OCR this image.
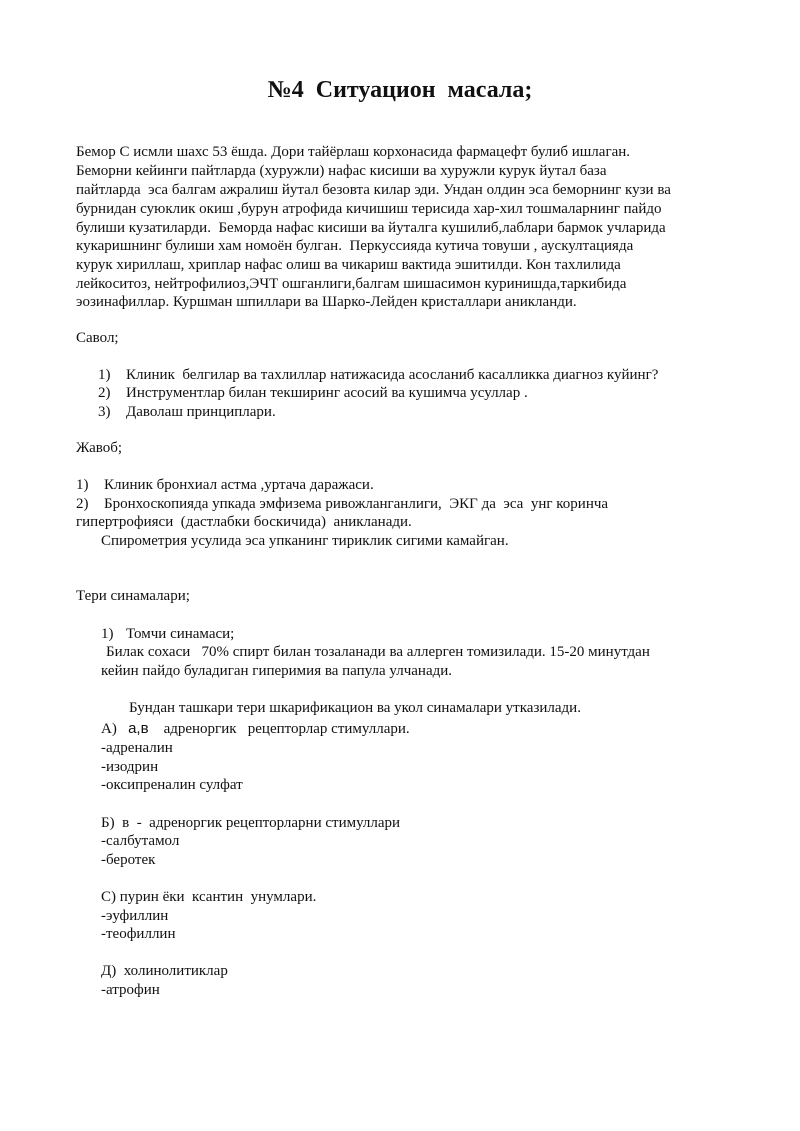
№4  Ситуацион  масала;
Бемор С исмли шахс 53 ёшда. Дори тайёрлаш корхонасида фармацефт булиб ишлаган.
Беморни кейинги пайтларда (хуружли) нафас кисиши ва хуружли курук йутал база
пайтларда  эса балгам ажралиш йутал безовта килар эди. Ундан олдин эса беморнинг кузи ва
бурнидан суюклик окиш ,бурун атрофида кичишиш терисида хар-хил тошмаларнинг пайдо
булиши кузатиларди.  Беморда нафас кисиши ва йуталга кушилиб,лаблари бармок учларида
кукаришнинг булиши хам номоён булган.  Перкуссияда кутича товуши , аускултацияда
курук хириллаш, хриплар нафас олиш ва чикариш вактида эшитилди. Кон тахлилида
лейкоситоз, нейтрофилиоз,ЭЧТ ошганлиги,балгам шишасимон куринишда,таркибида
эозинафиллар. Куршман шпиллари ва Шарко-Лейден кристаллари аникланди.
Савол;
1) Клиник  белгилар ва тахлиллар натижасида асосланиб касалликка диагноз куйинг?
2) Инструментлар билан текширинг асосий ва кушимча усуллар .
3) Даволаш принциплари.
Жавоб;
1) Клиник бронхиал астма ,уртача даражаси.
2) Бронхоскопияда упкада эмфизема ривожланганлиги,  ЭКГ да  эса  унг коринча
гипертрофияси  (дастлабки боскичида)  аникланади.
Спирометрия усулида эса упканинг тириклик сигими камайган.
Тери синамалари;
1) Томчи синамаси;
Билак сохаси   70% спирт билан тозаланади ва аллерген томизилади. 15-20 минутдан
кейин пайдо буладиган гиперимия ва папула улчанади.
Бундан ташкари тери шкарификацион ва укол синамалари утказилади.
А) а,в адреноргик   рецепторлар стимуллари.
-адреналин
-изодрин
-оксипреналин сулфат
Б)  в  -  адреноргик рецепторларни стимуллари
-салбутамол
-беротек
С) пурин ёки  ксантин  унумлари.
-эуфиллин
-теофиллин
Д)  холинолитиклар
-атрофин
